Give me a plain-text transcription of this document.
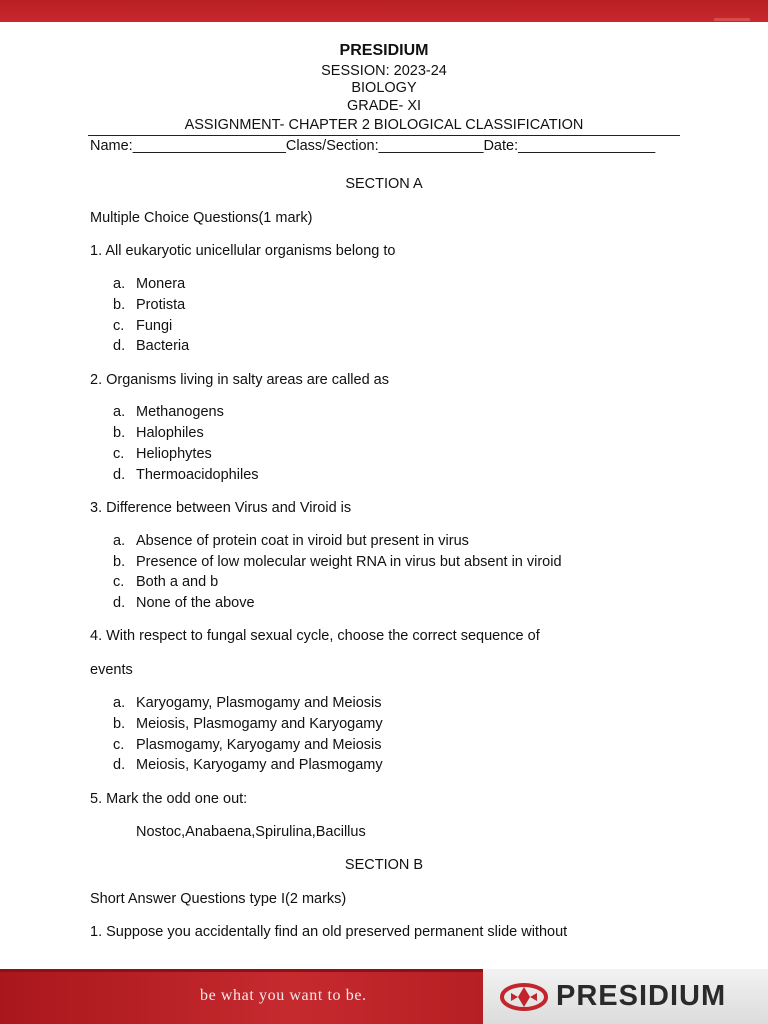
PRESIDIUM
SESSION: 2023-24
BIOLOGY
GRADE- XI
ASSIGNMENT- CHAPTER 2 BIOLOGICAL CLASSIFICATION
Name:___________________Class/Section:_____________Date:_________________
SECTION A
Multiple Choice Questions(1 mark)
1. All eukaryotic unicellular organisms belong to
a. Monera
b. Protista
c. Fungi
d. Bacteria
2. Organisms living in salty areas are called as
a. Methanogens
b. Halophiles
c. Heliophytes
d. Thermoacidophiles
3. Difference between Virus and Viroid is
a. Absence of protein coat in viroid but present in virus
b. Presence of low molecular weight RNA in virus but absent in viroid
c. Both a and b
d. None of the above
4. With respect to fungal sexual cycle, choose the correct sequence of
events
a. Karyogamy, Plasmogamy and Meiosis
b. Meiosis, Plasmogamy and Karyogamy
c. Plasmogamy, Karyogamy and Meiosis
d. Meiosis, Karyogamy and Plasmogamy
5. Mark the odd one out:
Nostoc,Anabaena,Spirulina,Bacillus
SECTION B
Short Answer Questions type I(2 marks)
1. Suppose you accidentally find an old preserved permanent slide without
be what you want to be.	PRESIDIUM
